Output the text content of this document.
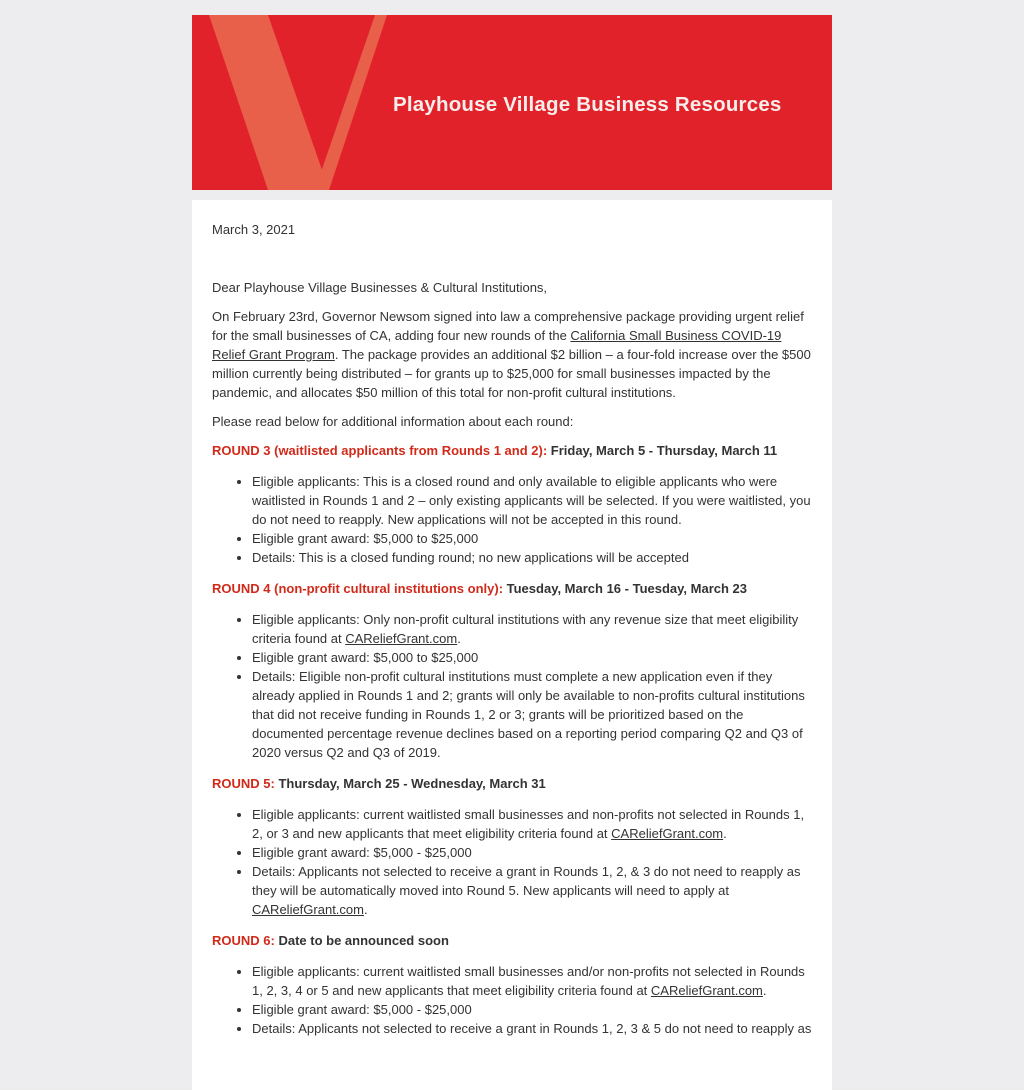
Playhouse Village Business Resources

March 3, 2021

Dear Playhouse Village Businesses & Cultural Institutions,

On February 23rd, Governor Newsom signed into law a comprehensive package providing urgent relief for the small businesses of CA, adding four new rounds of the California Small Business COVID-19 Relief Grant Program. The package provides an additional $2 billion – a four-fold increase over the $500 million currently being distributed – for grants up to $25,000 for small businesses impacted by the pandemic, and allocates $50 million of this total for non-profit cultural institutions.

Please read below for additional information about each round:

ROUND 3 (waitlisted applicants from Rounds 1 and 2): Friday, March 5 - Thursday, March 11

• Eligible applicants: This is a closed round and only available to eligible applicants who were waitlisted in Rounds 1 and 2 – only existing applicants will be selected. If you were waitlisted, you do not need to reapply. New applications will not be accepted in this round.
• Eligible grant award: $5,000 to $25,000
• Details: This is a closed funding round; no new applications will be accepted

ROUND 4 (non-profit cultural institutions only): Tuesday, March 16 - Tuesday, March 23

• Eligible applicants: Only non-profit cultural institutions with any revenue size that meet eligibility criteria found at CAReliefGrant.com.
• Eligible grant award: $5,000 to $25,000
• Details: Eligible non-profit cultural institutions must complete a new application even if they already applied in Rounds 1 and 2; grants will only be available to non-profits cultural institutions that did not receive funding in Rounds 1, 2 or 3; grants will be prioritized based on the documented percentage revenue declines based on a reporting period comparing Q2 and Q3 of 2020 versus Q2 and Q3 of 2019.

ROUND 5: Thursday, March 25 - Wednesday, March 31

• Eligible applicants: current waitlisted small businesses and non-profits not selected in Rounds 1, 2, or 3 and new applicants that meet eligibility criteria found at CAReliefGrant.com.
• Eligible grant award: $5,000 - $25,000
• Details: Applicants not selected to receive a grant in Rounds 1, 2, & 3 do not need to reapply as they will be automatically moved into Round 5. New applicants will need to apply at CAReliefGrant.com.

ROUND 6: Date to be announced soon

• Eligible applicants: current waitlisted small businesses and/or non-profits not selected in Rounds 1, 2, 3, 4 or 5 and new applicants that meet eligibility criteria found at CAReliefGrant.com.
• Eligible grant award: $5,000 - $25,000
• Details: Applicants not selected to receive a grant in Rounds 1, 2, 3 & 5 do not need to reapply as
